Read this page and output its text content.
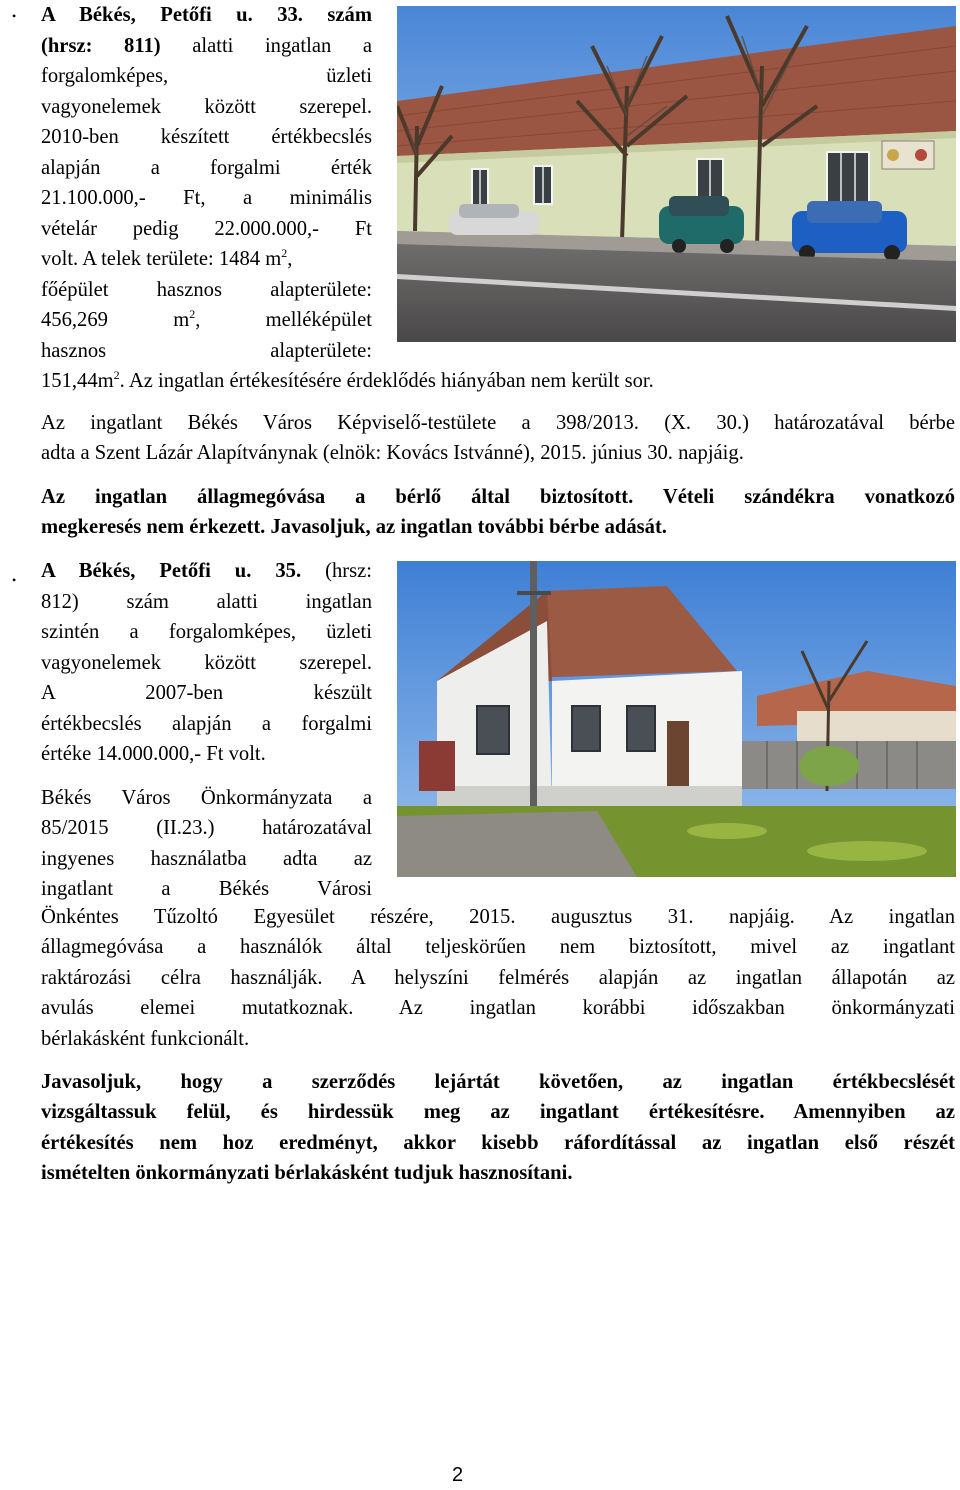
• A Békés, Petőfi u. 33. szám
(hrsz: 811) alatti ingatlan a
forgalomképes, üzleti
vagyonelemek között szerepel.
2010-ben készített értékbecslés
alapján a forgalmi érték
21.100.000,- Ft, a minimális
vételár pedig 22.000.000,- Ft
volt. A telek területe: 1484 $m^2$,
főépület hasznos alapterülete:
456,269 $m^2$, melléképület
hasznos alapterülete:
$151,44m^2$. Az ingatlan értékesítésére érdeklődés hiányában nem került sor.
Az ingatlant Békés Város Képviselő-testülete a 398/2013. (X. 30.) határozatával bérbe
adta a Szent Lázár Alapítványnak (elnök: Kovács Istvánné), 2015. június 30. napjáig.
Az ingatlan állagmegóvása a bérlő által biztosított. Vételi szándékra vonatkozó
megkeresés nem érkezett. Javasoljuk, az ingatlan további bérbe adását.
• A Békés, Petőfi u. 35. (hrsz:
812) szám alatti ingatlan
szintén a forgalomképes, üzleti
vagyonelemek között szerepel.
A 2007-ben készült
értékbecslés alapján a forgalmi
értéke 14.000.000,- Ft volt.
Békés Város Önkormányzata a
85/2015 (II.23.) határozatával
ingyenes használatba adta az
ingatlant a Békés Városi
Önkéntes Tűzoltó Egyesület részére, 2015. augusztus 31. napjáig. Az ingatlan
állagmegóvása a használók által teljeskörűen nem biztosított, mivel az ingatlant
raktározási célra használják. A helyszíni felmérés alapján az ingatlan állapotán az
avulás elemei mutatkoznak. Az ingatlan korábbi időszakban önkormányzati
bérlakásként funkcionált.
Javasoljuk, hogy a szerződés lejártát követően, az ingatlan értékbecslését
vizsgáltassuk felül, és hirdessük meg az ingatlant értékesítésre. Amennyiben az
értékesítés nem hoz eredményt, akkor kisebb ráfordítással az ingatlan első részét
ismételten önkormányzati bérlakásként tudjuk hasznosítani.
2
